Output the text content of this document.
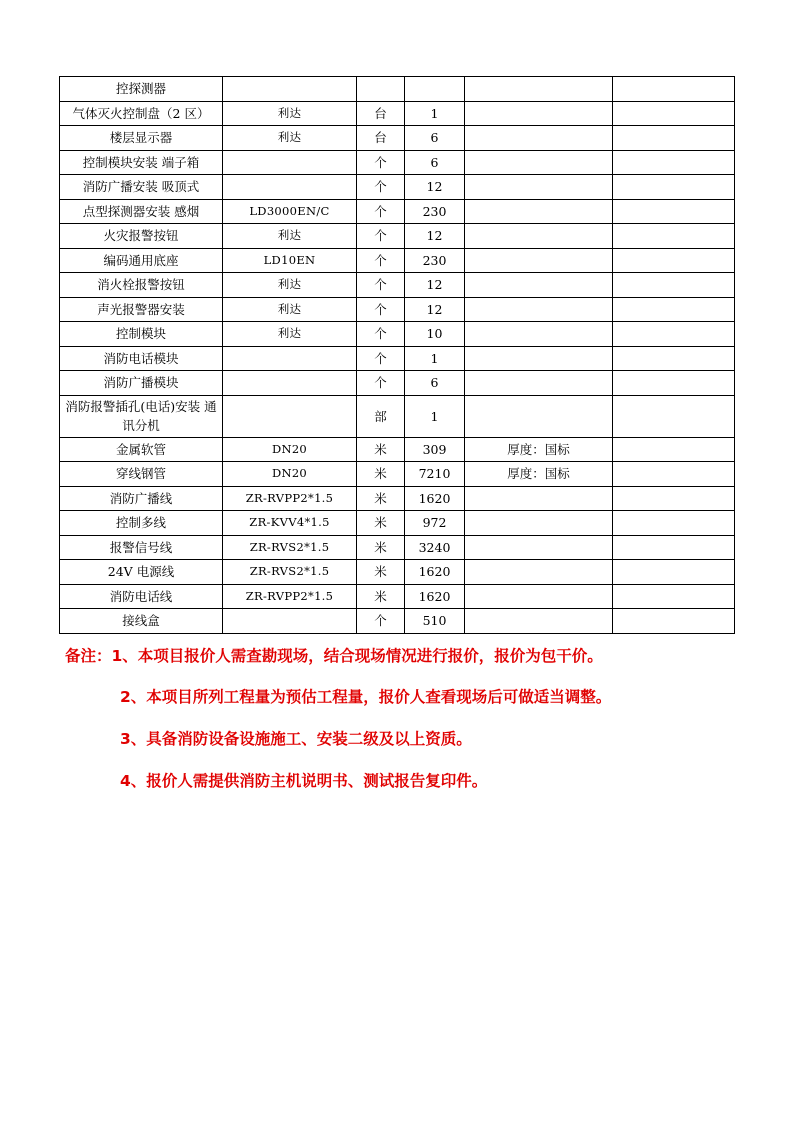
控探测器					
气体灭火控制盘（2 区）	利达	台	1		
楼层显示器	利达	台	6		
控制模块安装 端子箱		个	6		
消防广播安装 吸顶式		个	12		
点型探测器安装 感烟	LD3000EN/C	个	230		
火灾报警按钮	利达	个	12		
编码通用底座	LD10EN	个	230		
消火栓报警按钮	利达	个	12		
声光报警器安装	利达	个	12		
控制模块	利达	个	10		
消防电话模块		个	1		
消防广播模块		个	6		
消防报警插孔(电话)安装 通讯分机		部	1		
金属软管	DN20	米	309	厚度：国标	
穿线钢管	DN20	米	7210	厚度：国标	
消防广播线	ZR-RVPP2*1.5	米	1620		
控制多线	ZR-KVV4*1.5	米	972		
报警信号线	ZR-RVS2*1.5	米	3240		
24V 电源线	ZR-RVS2*1.5	米	1620		
消防电话线	ZR-RVPP2*1.5	米	1620		
接线盒		个	510		
备注：1、本项目报价人需查勘现场，结合现场情况进行报价，报价为包干价。
2、本项目所列工程量为预估工程量，报价人查看现场后可做适当调整。
3、具备消防设备设施施工、安装二级及以上资质。
4、报价人需提供消防主机说明书、测试报告复印件。
